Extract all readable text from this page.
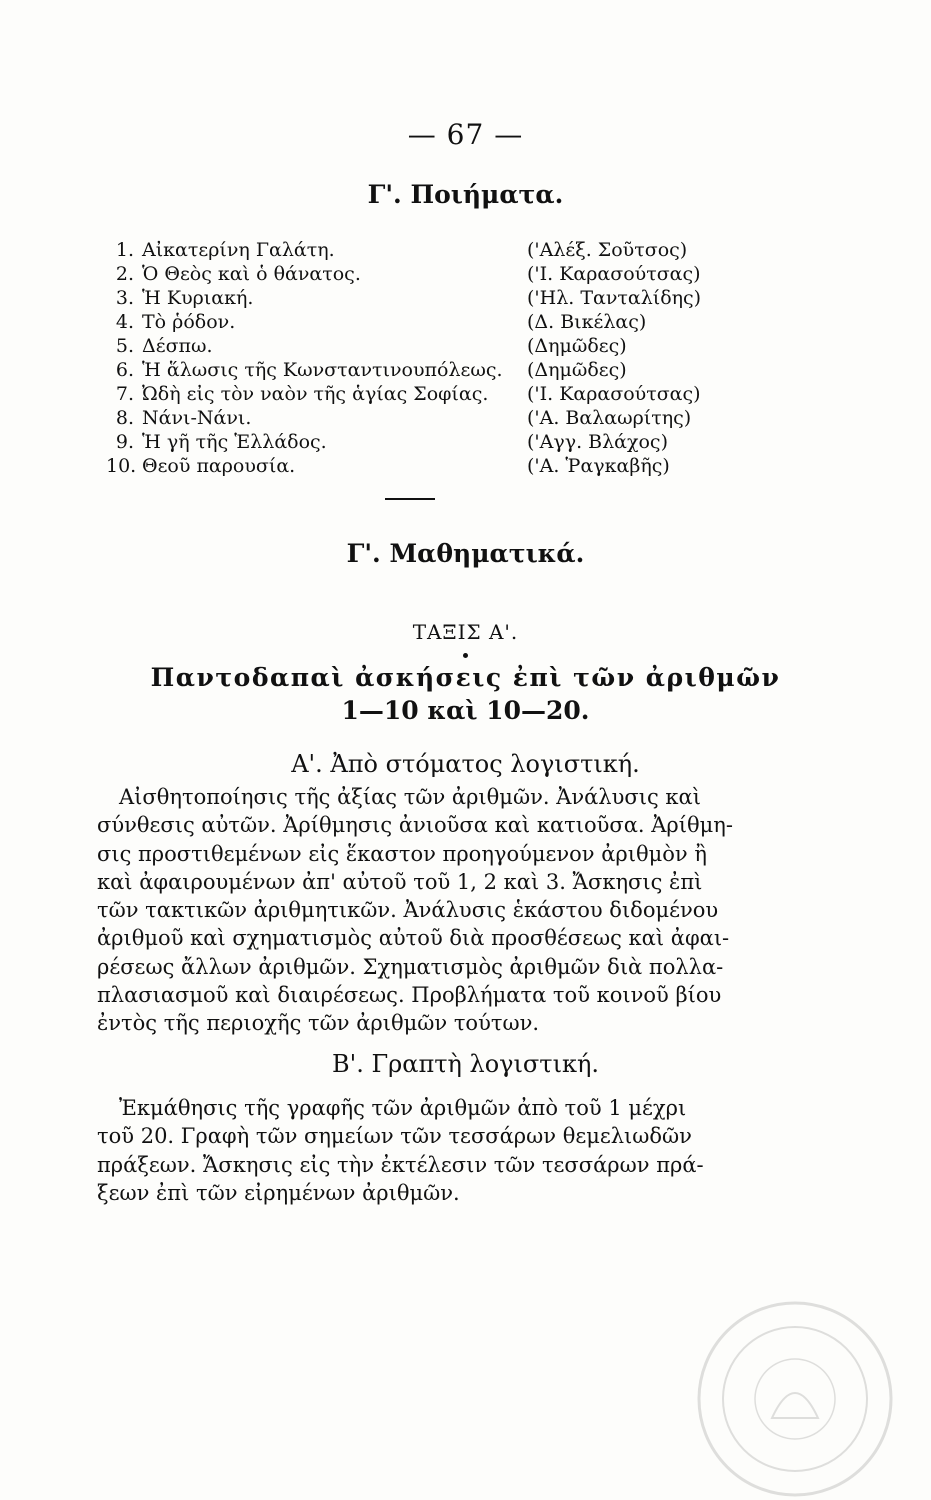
— 67 —
Γ'. Ποιήματα.
1. Αἰκατερίνη Γαλάτη.	('Αλέξ. Σοῦτσος)
2. Ὁ Θεὸς καὶ ὁ θάνατος.	('Ι. Καρασούτσας)
3. Ἡ Κυριακή.	('Ηλ. Τανταλίδης)
4. Τὸ ῥόδον.	(Δ. Βικέλας)
5. Δέσπω.	(Δημῶδες)
6. Ἡ ἅλωσις τῆς Κωνσταντινουπόλεως. (Δημῶδες)
7. Ὠδὴ εἰς τὸν ναὸν τῆς ἁγίας Σοφίας. ('Ι. Καρασούτσας)
8. Νάνι-Νάνι.	('Α. Βαλαωρίτης)
9. Ἡ γῆ τῆς Ἑλλάδος.	('Αγγ. Βλάχος)
10. Θεοῦ παρουσία.	('Α. Ῥαγκαβῆς)
Γ'. Μαθηματικά.
ΤΑΞΙΣ Α'.
Παντοδαπαὶ ἀσκήσεις ἐπὶ τῶν ἀριθμῶν
1—10 καὶ 10—20.
Α'. Ἀπὸ στόματος λογιστική.
Αἰσθητοποίησις τῆς ἀξίας τῶν ἀριθμῶν. Ἀνάλυσις καὶ
σύνθεσις αὐτῶν. Ἀρίθμησις ἀνιοῦσα καὶ κατιοῦσα. Ἀρίθμη-
σις προστιθεμένων εἰς ἕκαστον προηγούμενον ἀριθμὸν ἢ
καὶ ἀφαιρουμένων ἀπ' αὐτοῦ τοῦ 1, 2 καὶ 3. Ἄσκησις ἐπὶ
τῶν τακτικῶν ἀριθμητικῶν. Ἀνάλυσις ἑκάστου διδομένου
ἀριθμοῦ καὶ σχηματισμὸς αὐτοῦ διὰ προσθέσεως καὶ ἀφαι-
ρέσεως ἄλλων ἀριθμῶν. Σχηματισμὸς ἀριθμῶν διὰ πολλα-
πλασιασμοῦ καὶ διαιρέσεως. Προβλήματα τοῦ κοινοῦ βίου
ἐντὸς τῆς περιοχῆς τῶν ἀριθμῶν τούτων.
Β'. Γραπτὴ λογιστική.
Ἐκμάθησις τῆς γραφῆς τῶν ἀριθμῶν ἀπὸ τοῦ 1 μέχρι
τοῦ 20. Γραφὴ τῶν σημείων τῶν τεσσάρων θεμελιωδῶν
πράξεων. Ἄσκησις εἰς τὴν ἐκτέλεσιν τῶν τεσσάρων πρά-
ξεων ἐπὶ τῶν εἰρημένων ἀριθμῶν.
